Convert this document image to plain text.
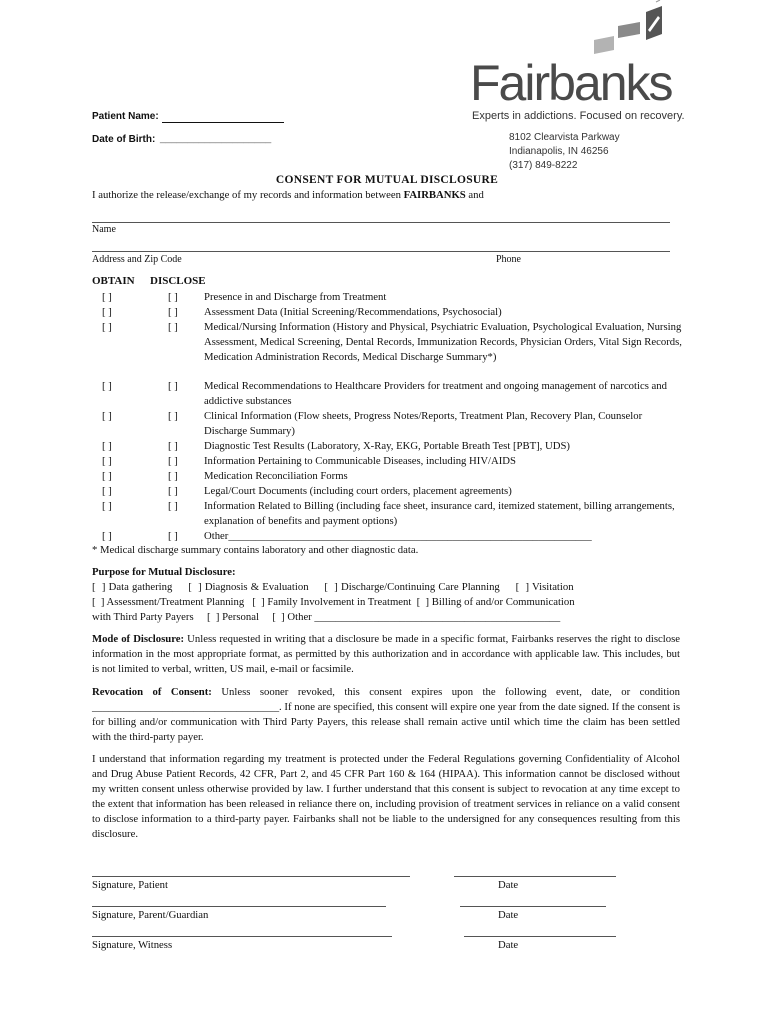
Fairbanks
Experts in addictions. Focused on recovery.
8102 Clearvista Parkway
Indianapolis, IN 46256
(317) 849-8222
Patient Name:
Date of Birth: ____________________
CONSENT FOR MUTUAL DISCLOSURE
I authorize the release/exchange of my records and information between FAIRBANKS and
Name
Address and Zip Code	Phone
OBTAIN DISCLOSE
[ ]	[ ] Presence in and Discharge from Treatment
[ ]	[ ] Assessment Data (Initial Screening/Recommendations, Psychosocial)
[ ]	[ ] Medical/Nursing Information (History and Physical, Psychiatric Evaluation, Psychological Evaluation, Nursing Assessment, Medical Screening, Dental Records, Immunization Records, Physician Orders, Vital Sign Records, Medication Administration Records, Medical Discharge Summary*)
[ ]	[ ] Medical Recommendations to Healthcare Providers for treatment and ongoing management of narcotics and addictive substances
[ ]	[ ] Clinical Information (Flow sheets, Progress Notes/Reports, Treatment Plan, Recovery Plan, Counselor Discharge Summary)
[ ]	[ ] Diagnostic Test Results (Laboratory, X-Ray, EKG, Portable Breath Test [PBT], UDS)
[ ]	[ ] Information Pertaining to Communicable Diseases, including HIV/AIDS
[ ]	[ ] Medication Reconciliation Forms
[ ]	[ ] Legal/Court Documents (including court orders, placement agreements)
[ ]	[ ] Information Related to Billing (including face sheet, insurance card, itemized statement, billing arrangements, explanation of benefits and payment options)
[ ]	[ ] Other____________________________________________________________________
* Medical discharge summary contains laboratory and other diagnostic data.
Purpose for Mutual Disclosure:
[  ] Data gathering     [  ] Diagnosis & Evaluation     [  ] Discharge/Continuing Care Planning     [  ] Visitation
[  ] Assessment/Treatment Planning   [  ] Family Involvement in Treatment  [  ] Billing of and/or Communication
with Third Party Payers     [  ] Personal     [  ] Other ______________________________________________
Mode of Disclosure: Unless requested in writing that a disclosure be made in a specific format, Fairbanks reserves the right to disclose information in the most appropriate format, as permitted by this authorization and in accordance with applicable law. This includes, but is not limited to verbal, written, US mail, e-mail or facsimile.
Revocation of Consent: Unless sooner revoked, this consent expires upon the following event, date, or condition ___________________________________. If none are specified, this consent will expire one year from the date signed. If the consent is for billing and/or communication with Third Party Payers, this release shall remain active until which time the claim has been settled with the third-party payer.
I understand that information regarding my treatment is protected under the Federal Regulations governing Confidentiality of Alcohol and Drug Abuse Patient Records, 42 CFR, Part 2, and 45 CFR Part 160 & 164 (HIPAA). This information cannot be disclosed without my written consent unless otherwise provided by law. I further understand that this consent is subject to revocation at any time except to the extent that information has been released in reliance there on, including provision of treatment services in reliance on a valid consent to disclose information to a third-party payer. Fairbanks shall not be liable to the undersigned for any consequences resulting from this disclosure.
Signature, Patient	Date
Signature, Parent/Guardian	Date
Signature, Witness	Date
